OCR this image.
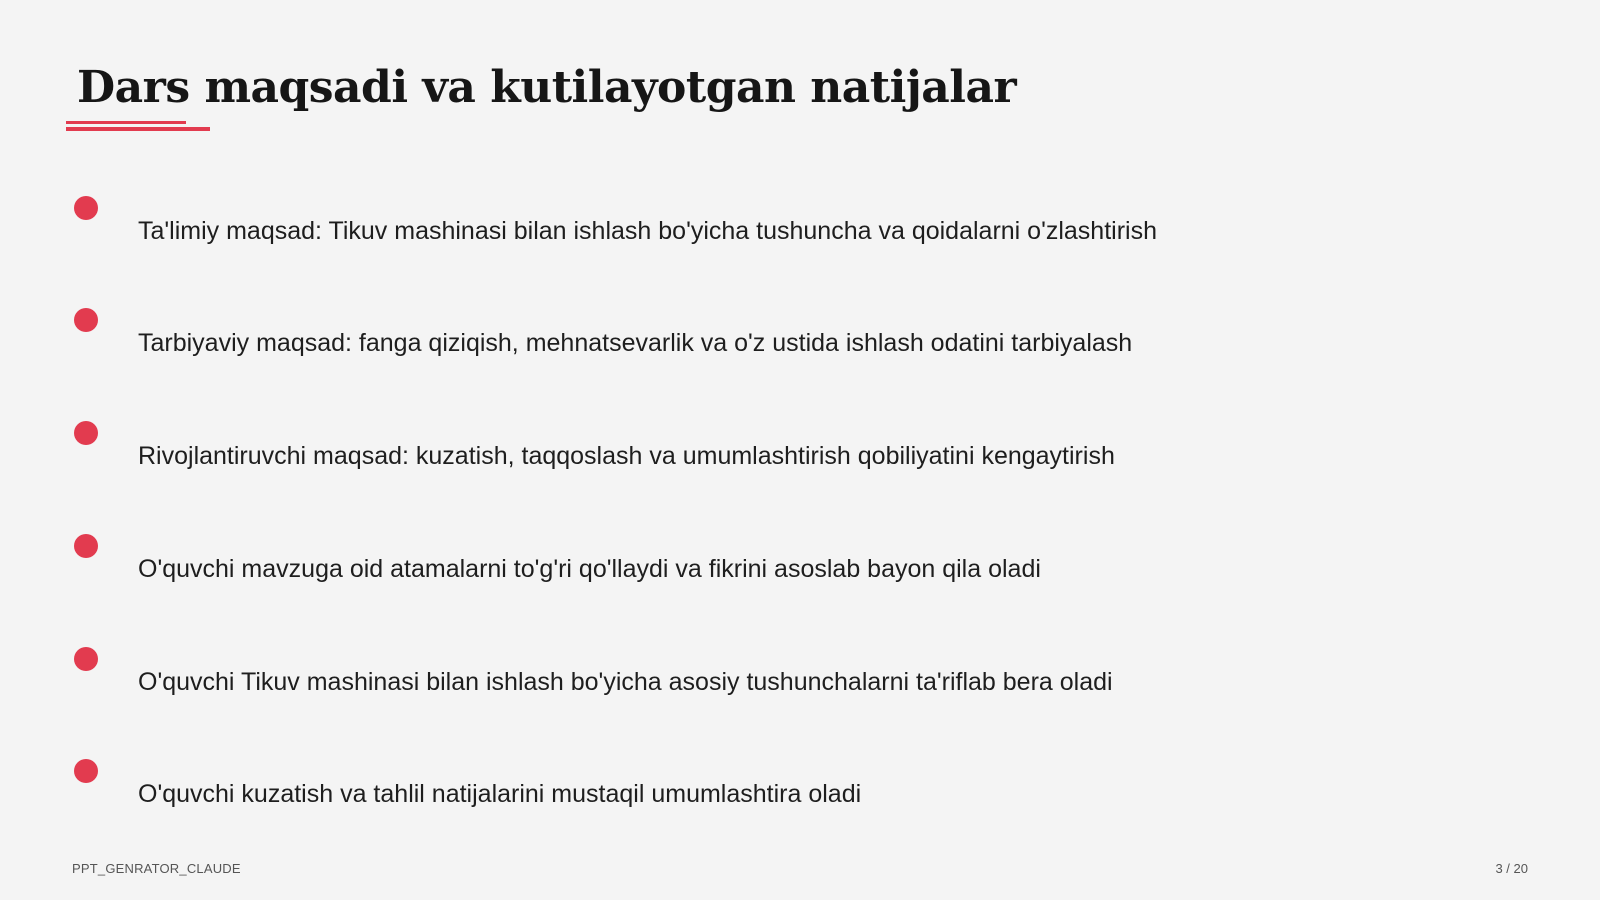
Dars maqsadi va kutilayotgan natijalar
Ta'limiy maqsad: Tikuv mashinasi bilan ishlash bo'yicha tushuncha va qoidalarni o'zlashtirish
Tarbiyaviy maqsad: fanga qiziqish, mehnatsevarlik va o'z ustida ishlash odatini tarbiyalash
Rivojlantiruvchi maqsad: kuzatish, taqqoslash va umumlashtirish qobiliyatini kengaytirish
O'quvchi mavzuga oid atamalarni to'g'ri qo'llaydi va fikrini asoslab bayon qila oladi
O'quvchi Tikuv mashinasi bilan ishlash bo'yicha asosiy tushunchalarni ta'riflab bera oladi
O'quvchi kuzatish va tahlil natijalarini mustaqil umumlashtira oladi
PPT_GENRATOR_CLAUDE	3 / 20
